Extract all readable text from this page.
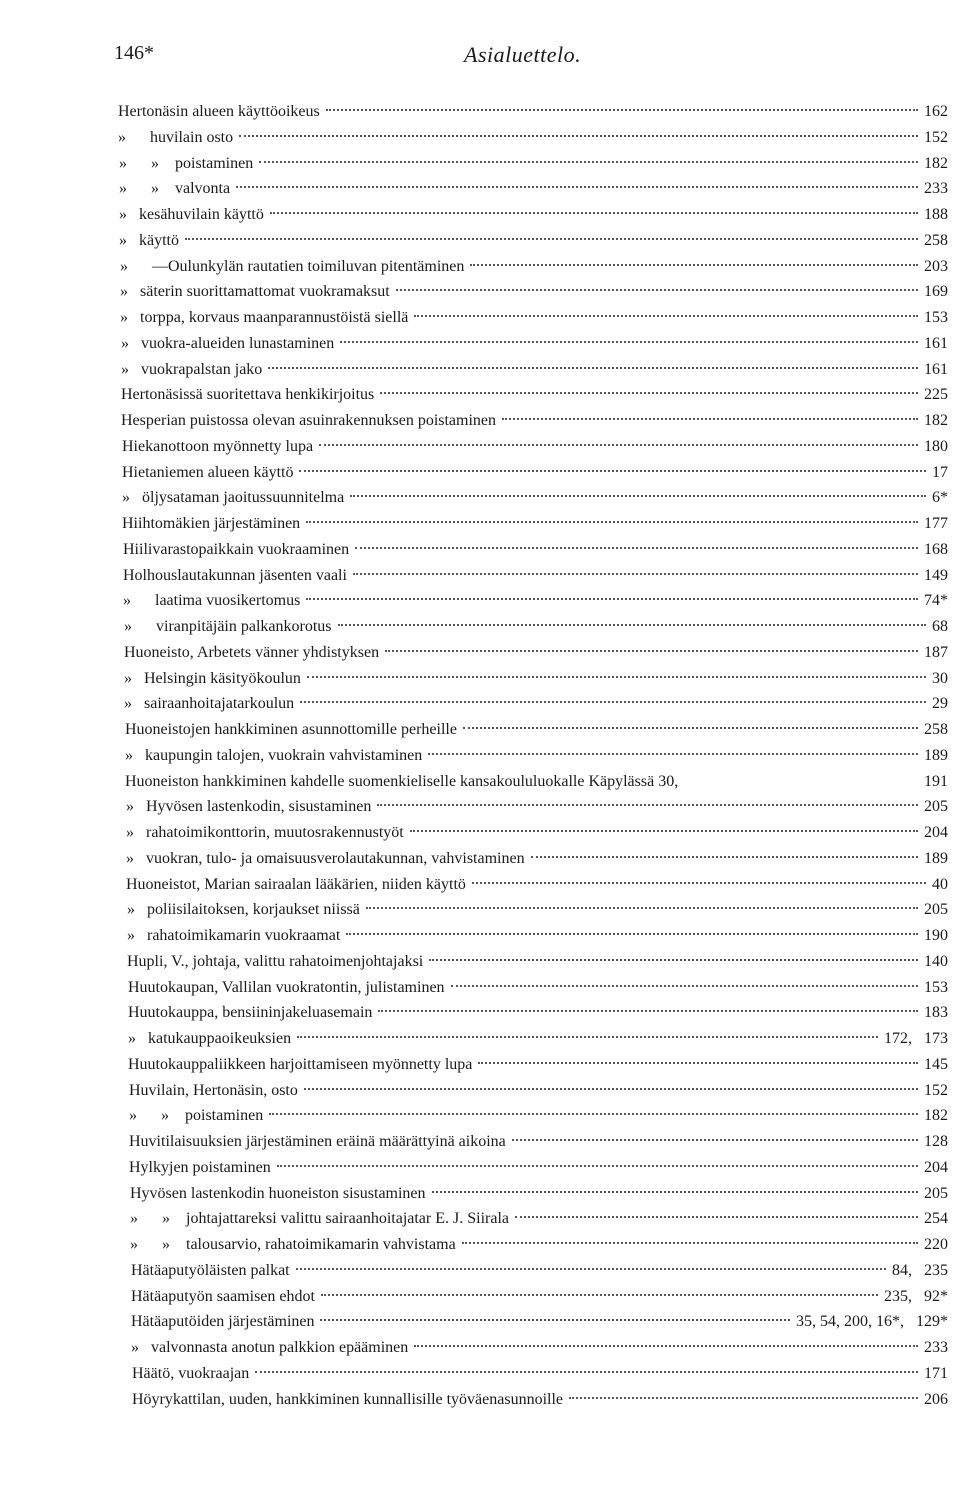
146*	Asialuettelo.
Hertonäsin alueen käyttöoikeus	162
»      huvilain osto	152
»      »    poistaminen	182
»      »    valvonta	233
»   kesähuvilain käyttö	188
»   käyttö	258
»      —Oulunkylän rautatien toimiluvan pitentäminen	203
»   säterin suorittamattomat vuokramaksut	169
»   torppa, korvaus maanparannustöistä siellä	153
»   vuokra-alueiden lunastaminen	161
»   vuokrapalstan jako	161
Hertonäsissä suoritettava henkikirjoitus	225
Hesperian puistossa olevan asuinrakennuksen poistaminen	182
Hiekanottoon myönnetty lupa	180
Hietaniemen alueen käyttö	17
»   öljysataman jaoitussuunnitelma	6*
Hiihtomäkien järjestäminen	177
Hiilivarastopaikkain vuokraaminen	168
Holhouslautakunnan jäsenten vaali	149
»      laatima vuosikertomus	74*
»      viranpitäjäin palkankorotus	68
Huoneisto, Arbetets vänner yhdistyksen	187
»   Helsingin käsityökoulun	30
»   sairaanhoitajatarkoulun	29
Huoneistojen hankkiminen asunnottomille perheille	258
»   kaupungin talojen, vuokrain vahvistaminen	189
Huoneiston hankkiminen kahdelle suomenkieliselle kansakoululuokalle Käpylässä 30,	191
»   Hyvösen lastenkodin, sisustaminen	205
»   rahatoimikonttorin, muutosrakennustyöt	204
»   vuokran, tulo- ja omaisuusverolautakunnan, vahvistaminen	189
Huoneistot, Marian sairaalan lääkärien, niiden käyttö	40
»   poliisilaitoksen, korjaukset niissä	205
»   rahatoimikamarin vuokraamat	190
Hupli, V., johtaja, valittu rahatoimenjohtajaksi	140
Huutokaupan, Vallilan vuokratontin, julistaminen	153
Huutokauppa, bensiininjakeluasemain	183
»   katukauppaoikeuksien	172,   173
Huutokauppaliikkeen harjoittamiseen myönnetty lupa	145
Huvilain, Hertonäsin, osto	152
»      »    poistaminen	182
Huvitilaisuuksien järjestäminen eräinä määrättyinä aikoina	128
Hylkyjen poistaminen	204
Hyvösen lastenkodin huoneiston sisustaminen	205
»      »    johtajattareksi valittu sairaanhoitajatar E. J. Siirala	254
»      »    talousarvio, rahatoimikamarin vahvistama	220
Hätäaputyöläisten palkat	84,   235
Hätäaputyön saamisen ehdot	235,   92*
Hätäaputöiden järjestäminen	35, 54, 200, 16*,   129*
»   valvonnasta anotun palkkion epääminen	233
Häätö, vuokraajan	171
Höyrykattilan, uuden, hankkiminen kunnallisille työväenasunnoille	206
